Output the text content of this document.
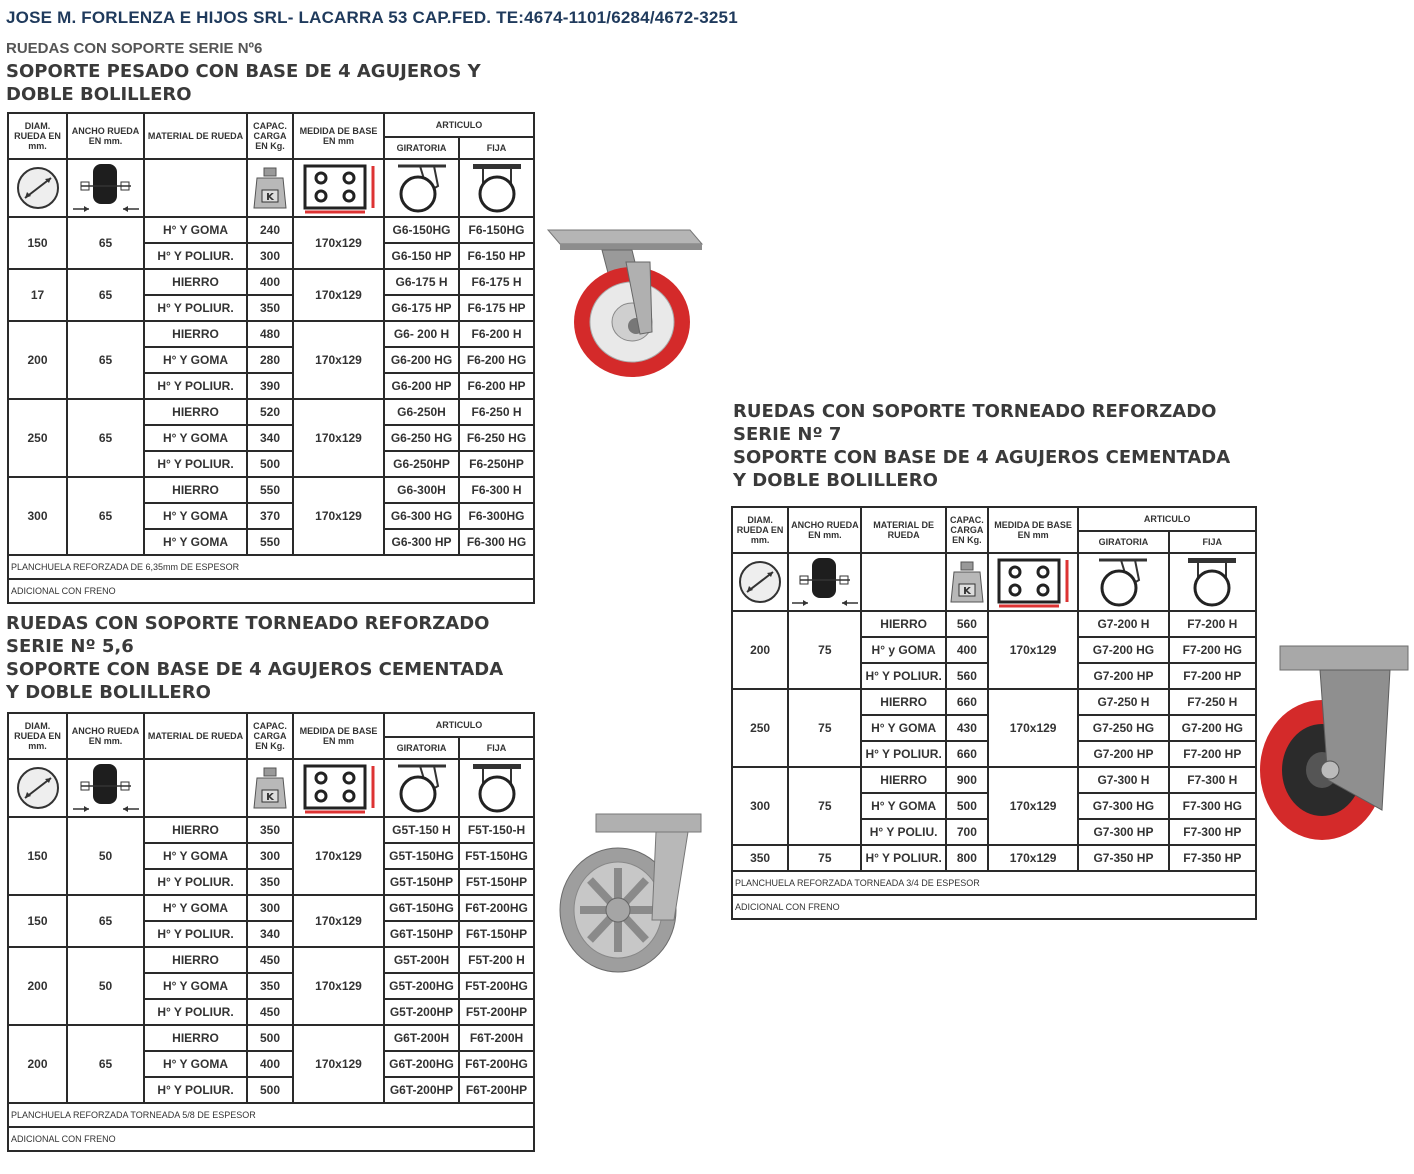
JOSE M. FORLENZA E HIJOS SRL- LACARRA 53 CAP.FED. TE:4674-1101/6284/4672-3251
RUEDAS CON SOPORTE SERIE Nº6
SOPORTE PESADO CON BASE DE 4 AGUJEROS Y
DOBLE BOLILLERO
DIAM. RUEDA EN mm.	ANCHO RUEDA EN mm.	MATERIAL DE RUEDA	CAPAC. CARGA EN Kg.	MEDIDA DE BASE EN mm	ARTICULO	
					GIRATORIA	FIJA

K

150	65	H° Y GOMA	240	170x129	G6-150HG	F6-150HG
		H° Y POLIUR.	300		G6-150 HP	F6-150 HP
17	65	HIERRO	400	170x129	G6-175 H	F6-175 H
		H° Y POLIUR.	350		G6-175 HP	F6-175 HP
200	65	HIERRO	480	170x129	G6- 200 H	F6-200 H
		H° Y GOMA	280		G6-200 HG	F6-200 HG
		H° Y POLIUR.	390		G6-200 HP	F6-200 HP
250	65	HIERRO	520	170x129	G6-250H	F6-250 H
		H° Y GOMA	340		G6-250 HG	F6-250 HG
		H° Y POLIUR.	500		G6-250HP	F6-250HP
300	65	HIERRO	550	170x129	G6-300H	F6-300 H
		H° Y GOMA	370		G6-300 HG	F6-300HG
		H° Y GOMA	550		G6-300 HP	F6-300 HG
PLANCHUELA REFORZADA DE 6,35mm DE ESPESOR						
ADICIONAL CON FRENO						
RUEDAS CON SOPORTE TORNEADO REFORZADO
SERIE Nº 5,6
SOPORTE CON BASE DE 4 AGUJEROS CEMENTADA
Y DOBLE BOLILLERO
DIAM. RUEDA EN mm.	ANCHO RUEDA EN mm.	MATERIAL DE RUEDA	CAPAC. CARGA EN Kg.	MEDIDA DE BASE EN mm	ARTICULO	
					GIRATORIA	FIJA

K

150	50	HIERRO	350	170x129	G5T-150 H	F5T-150-H
		H° Y GOMA	300		G5T-150HG	F5T-150HG
		H° Y POLIUR.	350		G5T-150HP	F5T-150HP
150	65	H° Y GOMA	300	170x129	G6T-150HG	F6T-200HG
		H° Y POLIUR.	340		G6T-150HP	F6T-150HP
200	50	HIERRO	450	170x129	G5T-200H	F5T-200 H
		H° Y GOMA	350		G5T-200HG	F5T-200HG
		H° Y POLIUR.	450		G5T-200HP	F5T-200HP
200	65	HIERRO	500	170x129	G6T-200H	F6T-200H
		H° Y GOMA	400		G6T-200HG	F6T-200HG
		H° Y POLIUR.	500		G6T-200HP	F6T-200HP
PLANCHUELA REFORZADA TORNEADA 5/8 DE ESPESOR						
ADICIONAL CON FRENO						
RUEDAS CON SOPORTE TORNEADO REFORZADO
SERIE Nº 7
SOPORTE CON BASE DE 4 AGUJEROS CEMENTADA
Y DOBLE BOLILLERO
DIAM. RUEDA EN mm.	ANCHO RUEDA EN mm.	MATERIAL DE RUEDA	CAPAC. CARGA EN Kg.	MEDIDA DE BASE EN mm	ARTICULO	
					GIRATORIA	FIJA

K

200	75	HIERRO	560	170x129	G7-200 H	F7-200 H
		H° y GOMA	400		G7-200 HG	F7-200 HG
		H° Y POLIUR.	560		G7-200 HP	F7-200 HP
250	75	HIERRO	660	170x129	G7-250 H	F7-250 H
		H° Y GOMA	430		G7-250 HG	G7-200 HG
		H° Y POLIUR.	660		G7-200 HP	F7-200 HP
300	75	HIERRO	900	170x129	G7-300 H	F7-300 H
		H° Y GOMA	500		G7-300 HG	F7-300 HG
		H° Y POLIU.	700		G7-300 HP	F7-300 HP
350	75	H° Y POLIUR.	800	170x129	G7-350 HP	F7-350 HP
PLANCHUELA REFORZADA TORNEADA 3/4 DE ESPESOR						
ADICIONAL CON FRENO						
